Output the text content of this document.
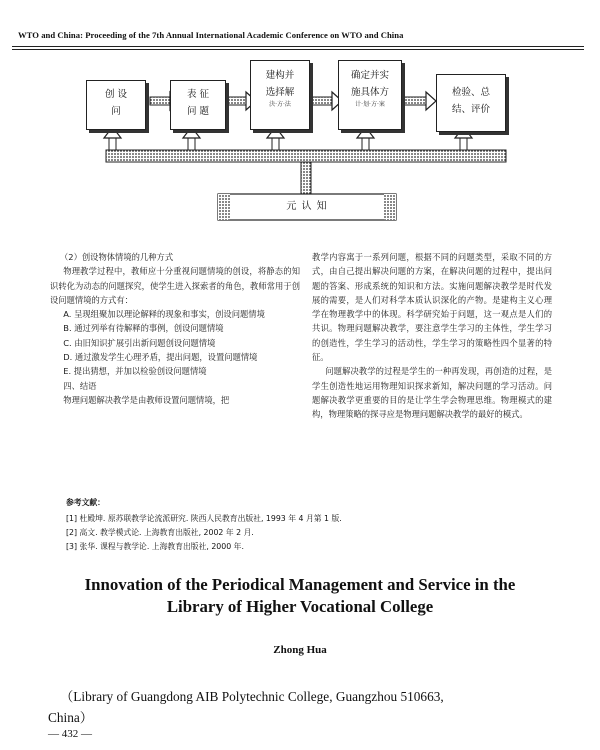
WTO and China: Proceeding of the 7th Annual International Academic Conference on WTO and China
创 设
问
表 征
问 题
建构并
选择解
決·方·法
确定并实
施具体方
计·划·方·案
检验、总
结、评价
元 认 知

（2）创设物体情境的几种方式

物理教学过程中，教师应十分重视问题情境的创设，将静态的知识转化为动态的问题探究，使学生进入探索者的角色，教师常用于创设问题情境的方式有：

A. 呈现组聚加以理论解释的现象和事实，创设问题情境

B. 通过列举有待解释的事例，创设问题情境

C. 由旧知识扩展引出新问题创设问题情境

D. 通过激发学生心理矛盾，提出问题，设置问题情境

E. 提出猜想，并加以检验创设问题情境

四、结语

物理问题解决教学是由教师设置问题情境，把

教学内容寓于一系列问题，根据不同的问题类型，采取不同的方式，由自己提出解决问题的方案，在解决问题的过程中，提出问题的答案、形成系统的知识和方法。实施问题解决教学是时代发展的需要，是人们对科学本质认识深化的产物。是建构主义心理学在物理教学中的体现。科学研究始于问题，这一观点是人们的共识。物理问题解决教学，要注意学生学习的主体性，学生学习的创造性，学生学习的活动性，学生学习的策略性四个显著的特征。

问题解决教学的过程是学生的一种再发现，再创造的过程，是学生创造性地运用物理知识探求新知，解决问题的学习活动。问题解决教学更重要的目的是让学生学会物理思维。物理模式的建构，物理策略的探寻应是物理问题解决教学的最好的模式。

参考文献：

[1] 杜殿坤. 原苏联教学论流派研究. 陕西人民教育出版社, 1993 年 4 月第 1 版.

[2] 高文. 教学模式论. 上海教育出版社, 2002 年 2 月.

[3] 张华. 课程与教学论. 上海教育出版社, 2000 年.

Innovation of the Periodical Management and Service in the
Library of Higher Vocational College
Zhong Hua
（Library of Guangdong AIB Polytechnic College, Guangzhou 510663,
China）
— 432 —
